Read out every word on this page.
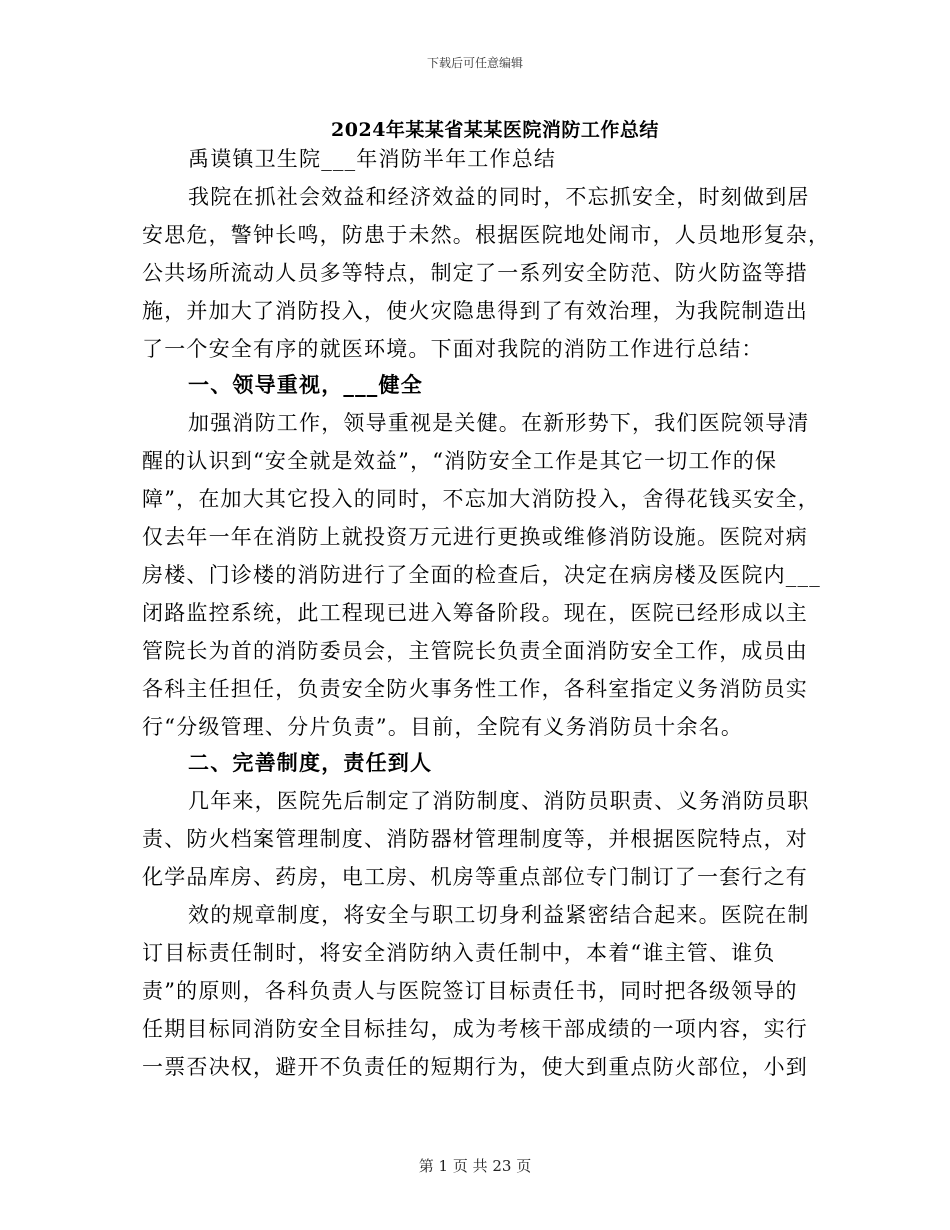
下载后可任意编辑
2024年某某省某某医院消防工作总结
禹谟镇卫生院___年消防半年工作总结
我院在抓社会效益和经济效益的同时，不忘抓安全，时刻做到居
安思危，警钟长鸣，防患于未然。根据医院地处闹市，人员地形复杂，
公共场所流动人员多等特点，制定了一系列安全防范、防火防盗等措
施，并加大了消防投入，使火灾隐患得到了有效治理，为我院制造出
了一个安全有序的就医环境。下面对我院的消防工作进行总结：
一、领导重视，___健全
加强消防工作，领导重视是关健。在新形势下，我们医院领导清
醒的认识到“安全就是效益”，“消防安全工作是其它一切工作的保
障”，在加大其它投入的同时，不忘加大消防投入，舍得花钱买安全，
仅去年一年在消防上就投资万元进行更换或维修消防设施。医院对病
房楼、门诊楼的消防进行了全面的检查后，决定在病房楼及医院内___
闭路监控系统，此工程现已进入筹备阶段。现在，医院已经形成以主
管院长为首的消防委员会，主管院长负责全面消防安全工作，成员由
各科主任担任，负责安全防火事务性工作，各科室指定义务消防员实
行“分级管理、分片负责”。目前，全院有义务消防员十余名。
二、完善制度，责任到人
几年来，医院先后制定了消防制度、消防员职责、义务消防员职
责、防火档案管理制度、消防器材管理制度等，并根据医院特点，对
化学品库房、药房，电工房、机房等重点部位专门制订了一套行之有
效的规章制度，将安全与职工切身利益紧密结合起来。医院在制
订目标责任制时，将安全消防纳入责任制中，本着“谁主管、谁负
责”的原则，各科负责人与医院签订目标责任书，同时把各级领导的
任期目标同消防安全目标挂勾，成为考核干部成绩的一项内容，实行
一票否决权，避开不负责任的短期行为，使大到重点防火部位，小到
第 1 页 共 23 页
